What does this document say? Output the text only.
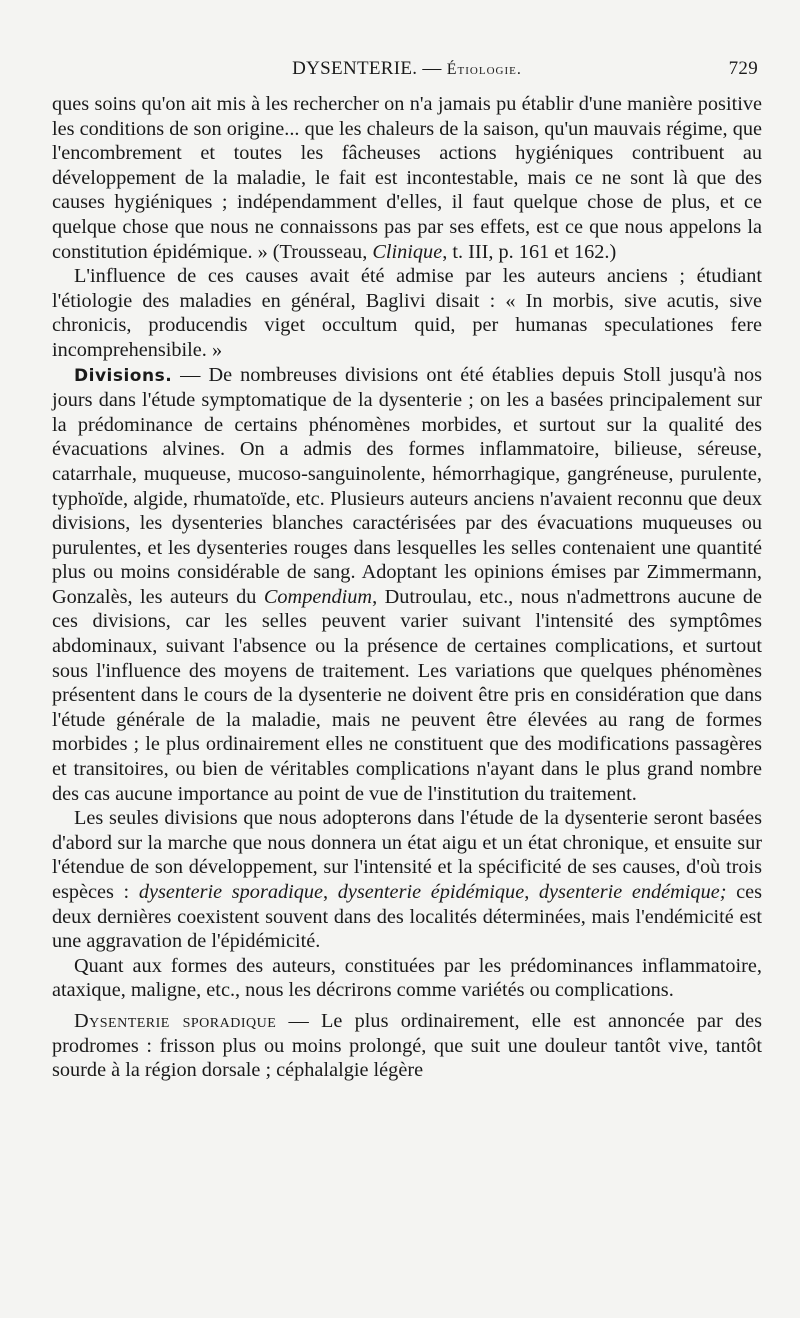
DYSENTERIE. — Étiologie.	729

ques soins qu'on ait mis à les rechercher on n'a jamais pu établir d'une manière positive les conditions de son origine... que les chaleurs de la saison, qu'un mauvais régime, que l'encombrement et toutes les fâcheuses actions hygiéniques contribuent au développement de la maladie, le fait est incontestable, mais ce ne sont là que des causes hygiéniques ; indépendamment d'elles, il faut quelque chose de plus, et ce quelque chose que nous ne connaissons pas par ses effets, est ce que nous appelons la constitution épidémique. » (Trousseau, Clinique, t. III, p. 161 et 162.)

L'influence de ces causes avait été admise par les auteurs anciens ; étudiant l'étiologie des maladies en général, Baglivi disait : « In morbis, sive acutis, sive chronicis, producendis viget occultum quid, per humanas speculationes fere incomprehensibile. »

Divisions. — De nombreuses divisions ont été établies depuis Stoll jusqu'à nos jours dans l'étude symptomatique de la dysenterie ; on les a basées principalement sur la prédominance de certains phénomènes morbides, et surtout sur la qualité des évacuations alvines. On a admis des formes inflammatoire, bilieuse, séreuse, catarrhale, muqueuse, mucoso-sanguinolente, hémorrhagique, gangréneuse, purulente, typhoïde, algide, rhumatoïde, etc. Plusieurs auteurs anciens n'avaient reconnu que deux divisions, les dysenteries blanches caractérisées par des évacuations muqueuses ou purulentes, et les dysenteries rouges dans lesquelles les selles contenaient une quantité plus ou moins considérable de sang. Adoptant les opinions émises par Zimmermann, Gonzalès, les auteurs du Compendium, Dutroulau, etc., nous n'admettrons aucune de ces divisions, car les selles peuvent varier suivant l'intensité des symptômes abdominaux, suivant l'absence ou la présence de certaines complications, et surtout sous l'influence des moyens de traitement. Les variations que quelques phénomènes présentent dans le cours de la dysenterie ne doivent être pris en considération que dans l'étude générale de la maladie, mais ne peuvent être élevées au rang de formes morbides ; le plus ordinairement elles ne constituent que des modifications passagères et transitoires, ou bien de véritables complications n'ayant dans le plus grand nombre des cas aucune importance au point de vue de l'institution du traitement.

Les seules divisions que nous adopterons dans l'étude de la dysenterie seront basées d'abord sur la marche que nous donnera un état aigu et un état chronique, et ensuite sur l'étendue de son développement, sur l'intensité et la spécificité de ses causes, d'où trois espèces : dysenterie sporadique, dysenterie épidémique, dysenterie endémique; ces deux dernières coexistent souvent dans des localités déterminées, mais l'endémicité est une aggravation de l'épidémicité.

Quant aux formes des auteurs, constituées par les prédominances inflammatoire, ataxique, maligne, etc., nous les décrirons comme variétés ou complications.

Dysenterie sporadique — Le plus ordinairement, elle est annoncée par des prodromes : frisson plus ou moins prolongé, que suit une douleur tantôt vive, tantôt sourde à la région dorsale ; céphalalgie légère
